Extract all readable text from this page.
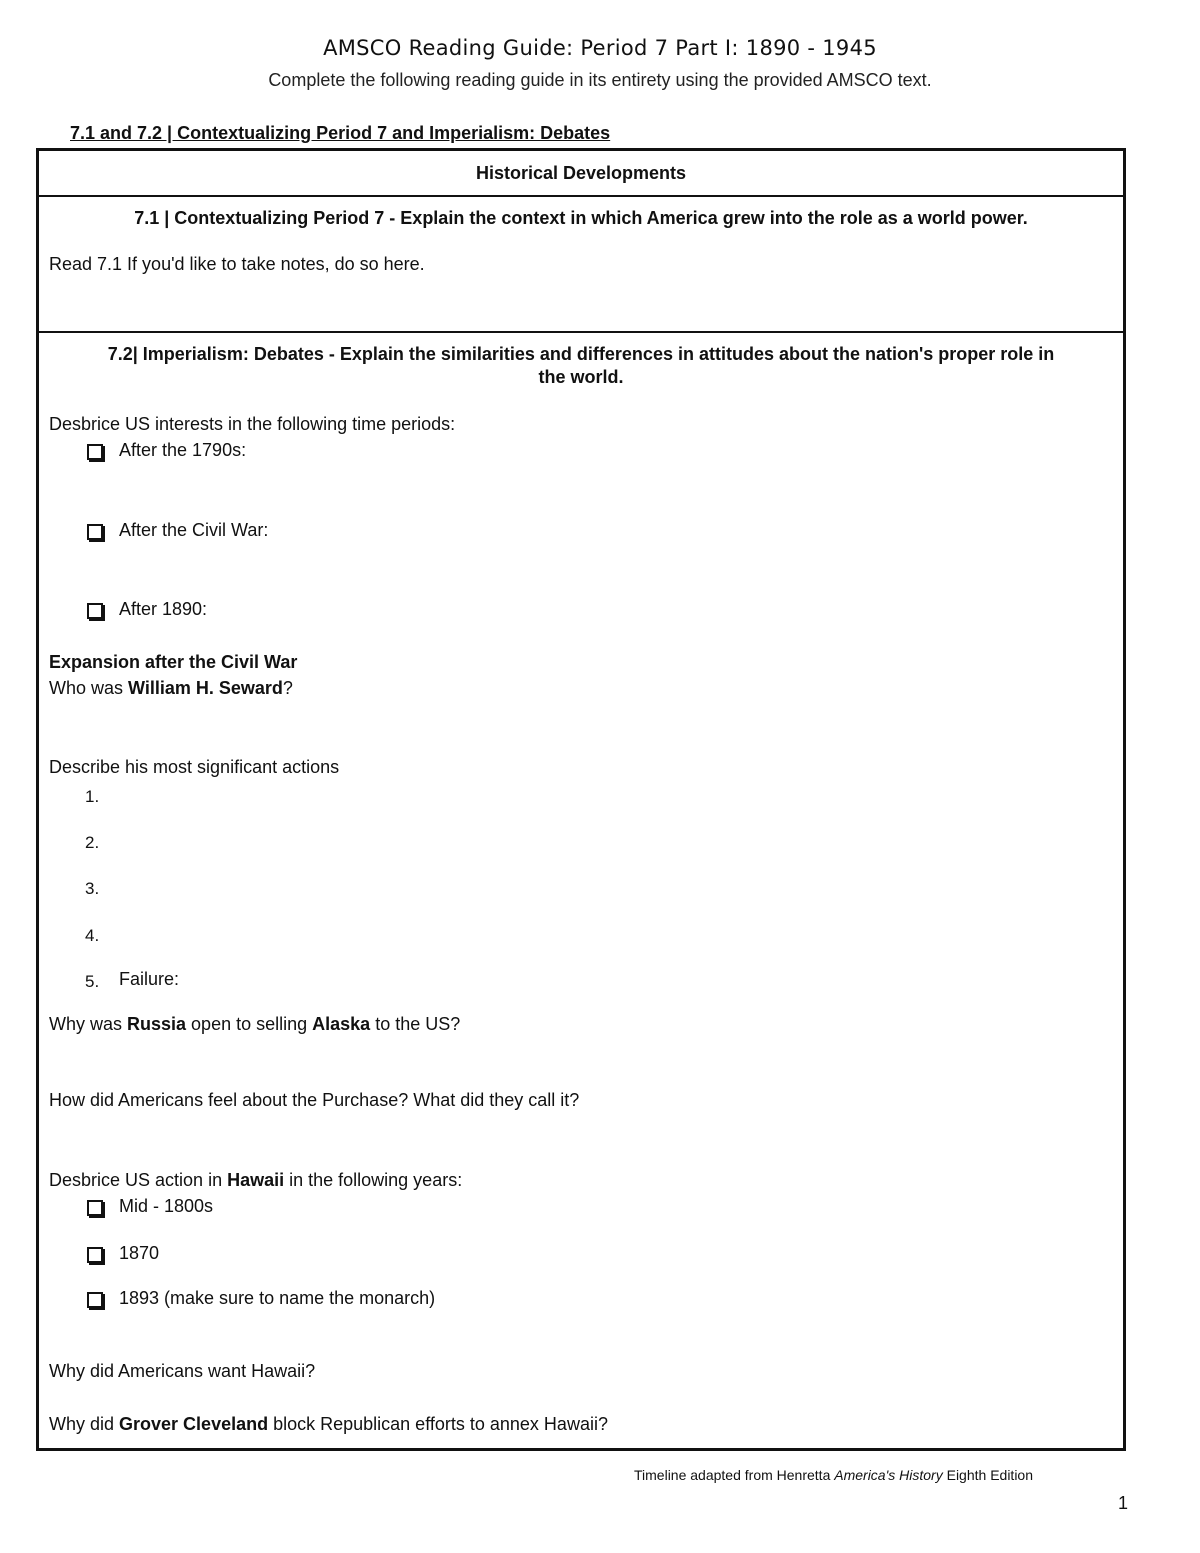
AMSCO Reading Guide: Period 7 Part I: 1890 - 1945
Complete the following reading guide in its entirety using the provided AMSCO text.
7.1 and 7.2 | Contextualizing Period 7 and Imperialism: Debates
Historical Developments
7.1 | Contextualizing Period 7 - Explain the context in which America grew into the role as a world power.
Read 7.1 If you'd like to take notes, do so here.
7.2| Imperialism: Debates - Explain the similarities and differences in attitudes about the nation's proper role in
the world.
Desbrice US interests in the following time periods:
After the 1790s:
After the Civil War:
After 1890:
Expansion after the Civil War
Who was William H. Seward?
Describe his most significant actions
1.
2.
3.
4.
5. Failure:
Why was Russia open to selling Alaska to the US?
How did Americans feel about the Purchase? What did they call it?
Desbrice US action in Hawaii in the following years:
Mid - 1800s
1870
1893 (make sure to name the monarch)
Why did Americans want Hawaii?
Why did Grover Cleveland block Republican efforts to annex Hawaii?
Timeline adapted from Henretta America's History Eighth Edition
1
